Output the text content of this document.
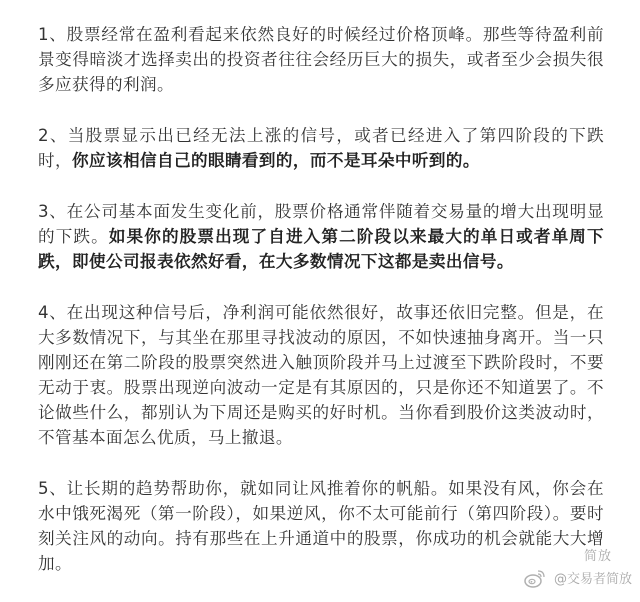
1、股票经常在盈利看起来依然良好的时候经过价格顶峰。那些等待盈利前景变得暗淡才选择卖出的投资者往往会经历巨大的损失，或者至少会损失很多应获得的利润。

2、当股票显示出已经无法上涨的信号，或者已经进入了第四阶段的下跌时，你应该相信自己的眼睛看到的，而不是耳朵中听到的。

3、在公司基本面发生变化前，股票价格通常伴随着交易量的增大出现明显的下跌。如果你的股票出现了自进入第二阶段以来最大的单日或者单周下跌，即使公司报表依然好看，在大多数情况下这都是卖出信号。

4、在出现这种信号后，净利润可能依然很好，故事还依旧完整。但是，在大多数情况下，与其坐在那里寻找波动的原因，不如快速抽身离开。当一只刚刚还在第二阶段的股票突然进入触顶阶段并马上过渡至下跌阶段时，不要无动于衷。股票出现逆向波动一定是有其原因的，只是你还不知道罢了。不论做些什么，都别认为下周还是购买的好时机。当你看到股价这类波动时，不管基本面怎么优质，马上撤退。

5、让长期的趋势帮助你，就如同让风推着你的帆船。如果没有风，你会在水中饿死渴死（第一阶段），如果逆风，你不太可能前行（第四阶段）。要时刻关注风的动向。持有那些在上升通道中的股票，你成功的机会就能大大增加。	简放
@交易者简放
